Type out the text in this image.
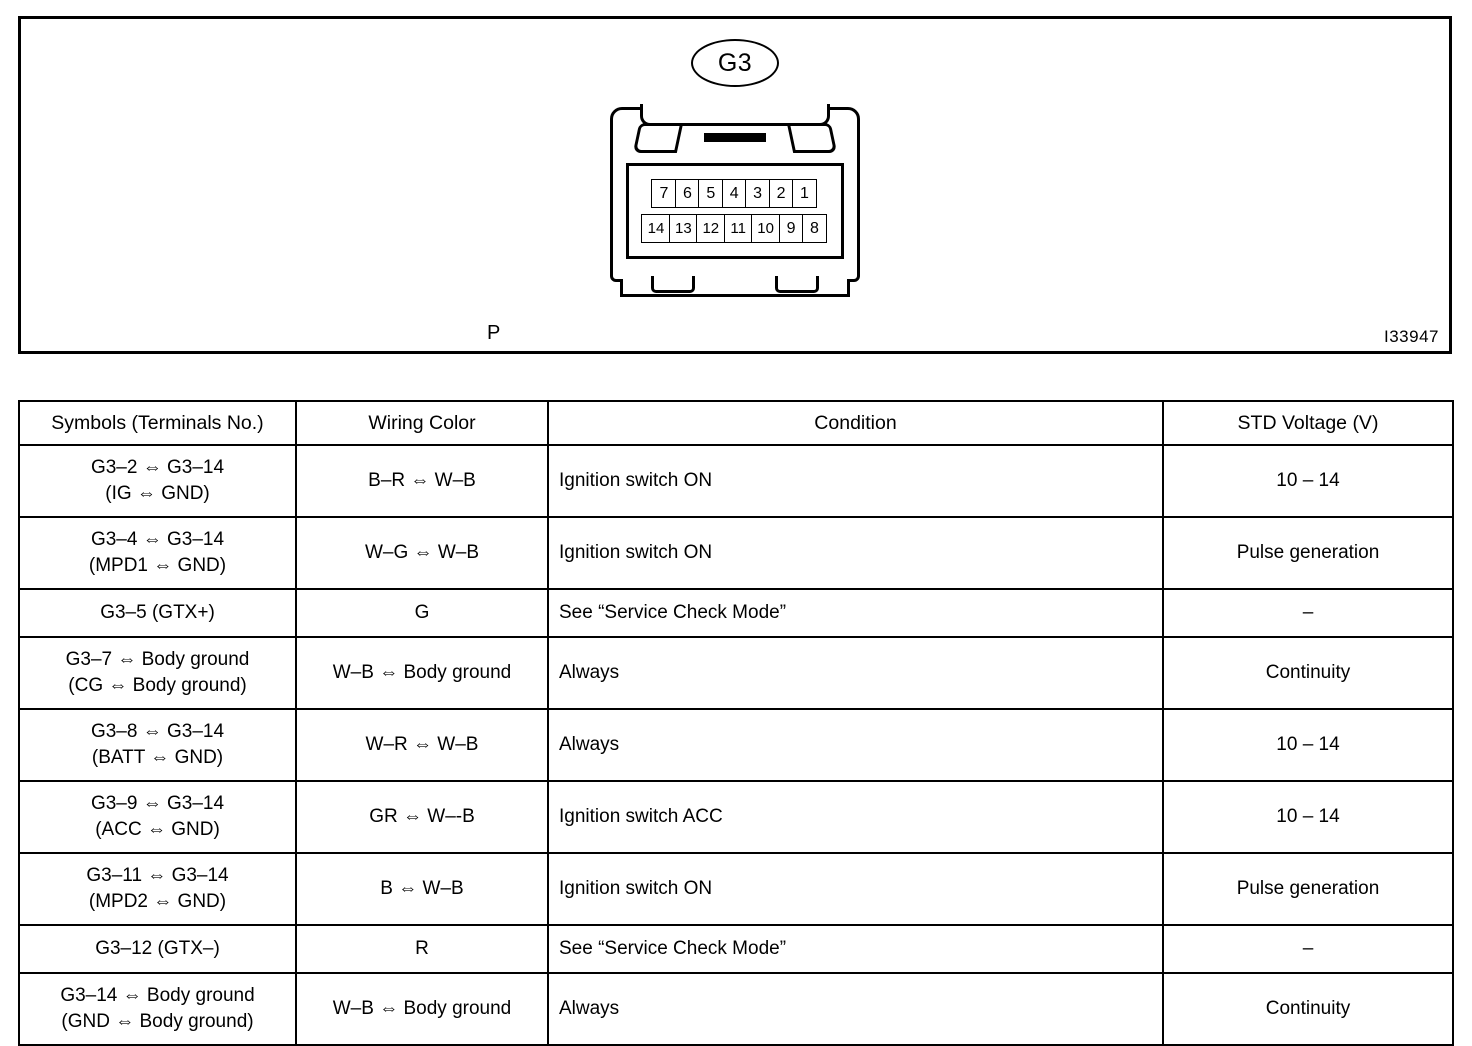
G3
7 6 5 4 3 2 1
14 13 12 11 10 9 8
P	I33947
Symbols (Terminals No.)	Wiring Color	Condition	STD Voltage (V)

G3–2 ⇔ G3–14
(IG ⇔ GND)	B–R ⇔ W–B	Ignition switch ON	10 – 14

G3–4 ⇔ G3–14
(MPD1 ⇔ GND)	W–G ⇔ W–B	Ignition switch ON	Pulse generation

G3–5 (GTX+)	G	See “Service Check Mode”	–

G3–7 ⇔ Body ground
(CG ⇔ Body ground)	W–B ⇔ Body ground	Always	Continuity

G3–8 ⇔ G3–14
(BATT ⇔ GND)	W–R ⇔ W–B	Always	10 – 14

G3–9 ⇔ G3–14
(ACC ⇔ GND)	GR ⇔ W–-B	Ignition switch ACC	10 – 14

G3–11 ⇔ G3–14
(MPD2 ⇔ GND)	B ⇔ W–B	Ignition switch ON	Pulse generation

G3–12 (GTX–)	R	See “Service Check Mode”	–

G3–14 ⇔ Body ground
(GND ⇔ Body ground)	W–B ⇔ Body ground	Always	Continuity
